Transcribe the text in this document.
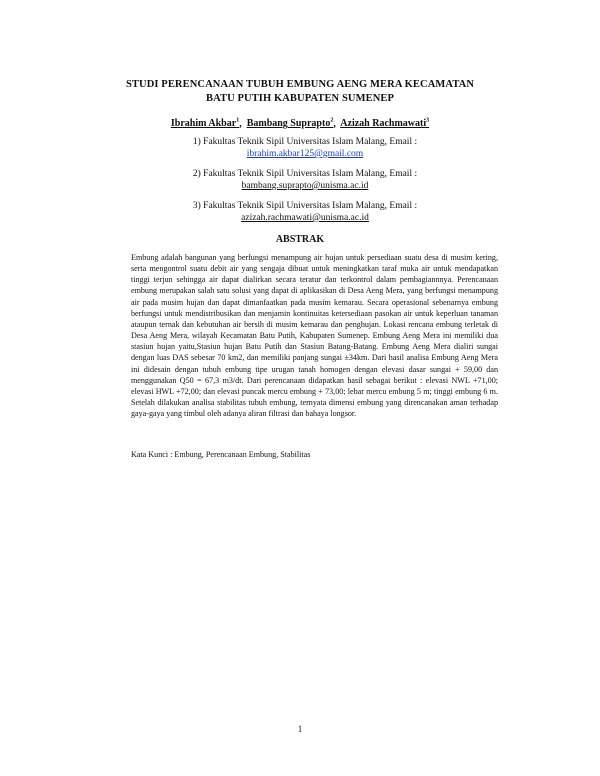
STUDI PERENCANAAN TUBUH EMBUNG AENG MERA KECAMATAN
BATU PUTIH KABUPATEN SUMENEP
Ibrahim Akbar$^1$,  Bambang Suprapto$^2$,  Azizah Rachmawati$^3$
1) Fakultas Teknik Sipil Universitas Islam Malang, Email :
ibrahim.akbar125@gmail.com
2) Fakultas Teknik Sipil Universitas Islam Malang, Email :
bambang.suprapto@unisma.ac.id
3) Fakultas Teknik Sipil Universitas Islam Malang, Email :
azizah.rachmawati@unisma.ac.id
ABSTRAK
Embung adalah bangunan yang berfungsi menampung air hujan untuk persediaan suatu desa di musim kering, serta mengontrol suatu debit air yang sengaja dibuat untuk meningkatkan taraf muka air untuk mendapatkan tinggi terjun sehingga air dapat dialirkan secara teratur dan terkontrol dalam pembagiannnya. Perencanaan embung merupakan salah satu solusi yang dapat di aplikasikan di Desa Aeng Mera, yang berfungsi menampung air pada musim hujan dan dapat dimanfaatkan pada musim kemarau. Secara operasional sebenarnya embung berfungsi untuk mendistribusikan dan menjamin kontinuitas ketersediaan pasokan air untuk keperluan tanaman ataupun ternak dan kebutuhan air bersih di musim kemarau dan penghujan. Lokasi rencana embung terletak di Desa Aeng Mera, wilayah Kecamatan Batu Putih, Kabupaten Sumenep. Embung Aeng Mera ini memiliki dua stasiun hujan yaitu,Stasiun hujan Batu Putih dan Stasiun Batang-Batang. Embung Aeng Mera dialiri sungai dengan luas DAS sebesar 70 km2, dan memiliki panjang sungai ±34km. Dari hasil analisa Embung Aeng Mera ini didesain dengan tubuh embung tipe urugan tanah homogen dengan elevasi dasar sungai + 59,00 dan menggunakan Q50 = 67,3 m3/dt. Dari perencanaan didapatkan hasil sebagai berikut : elevasi NWL +71,00; elevasi HWL +72,00; dan elevasi puncak mercu embung + 73,00; lebar mercu embung 5 m; tinggi embung 6 m. Setelah dilakukan analisa stabilitas tubuh embung, ternyata dimensi embung yang direncanakan aman terhadap gaya-gaya yang timbul oleh adanya aliran filtrasi dan bahaya longsor.
Kata Kunci : Embung, Perencanaan Embung, Stabilitas
1
